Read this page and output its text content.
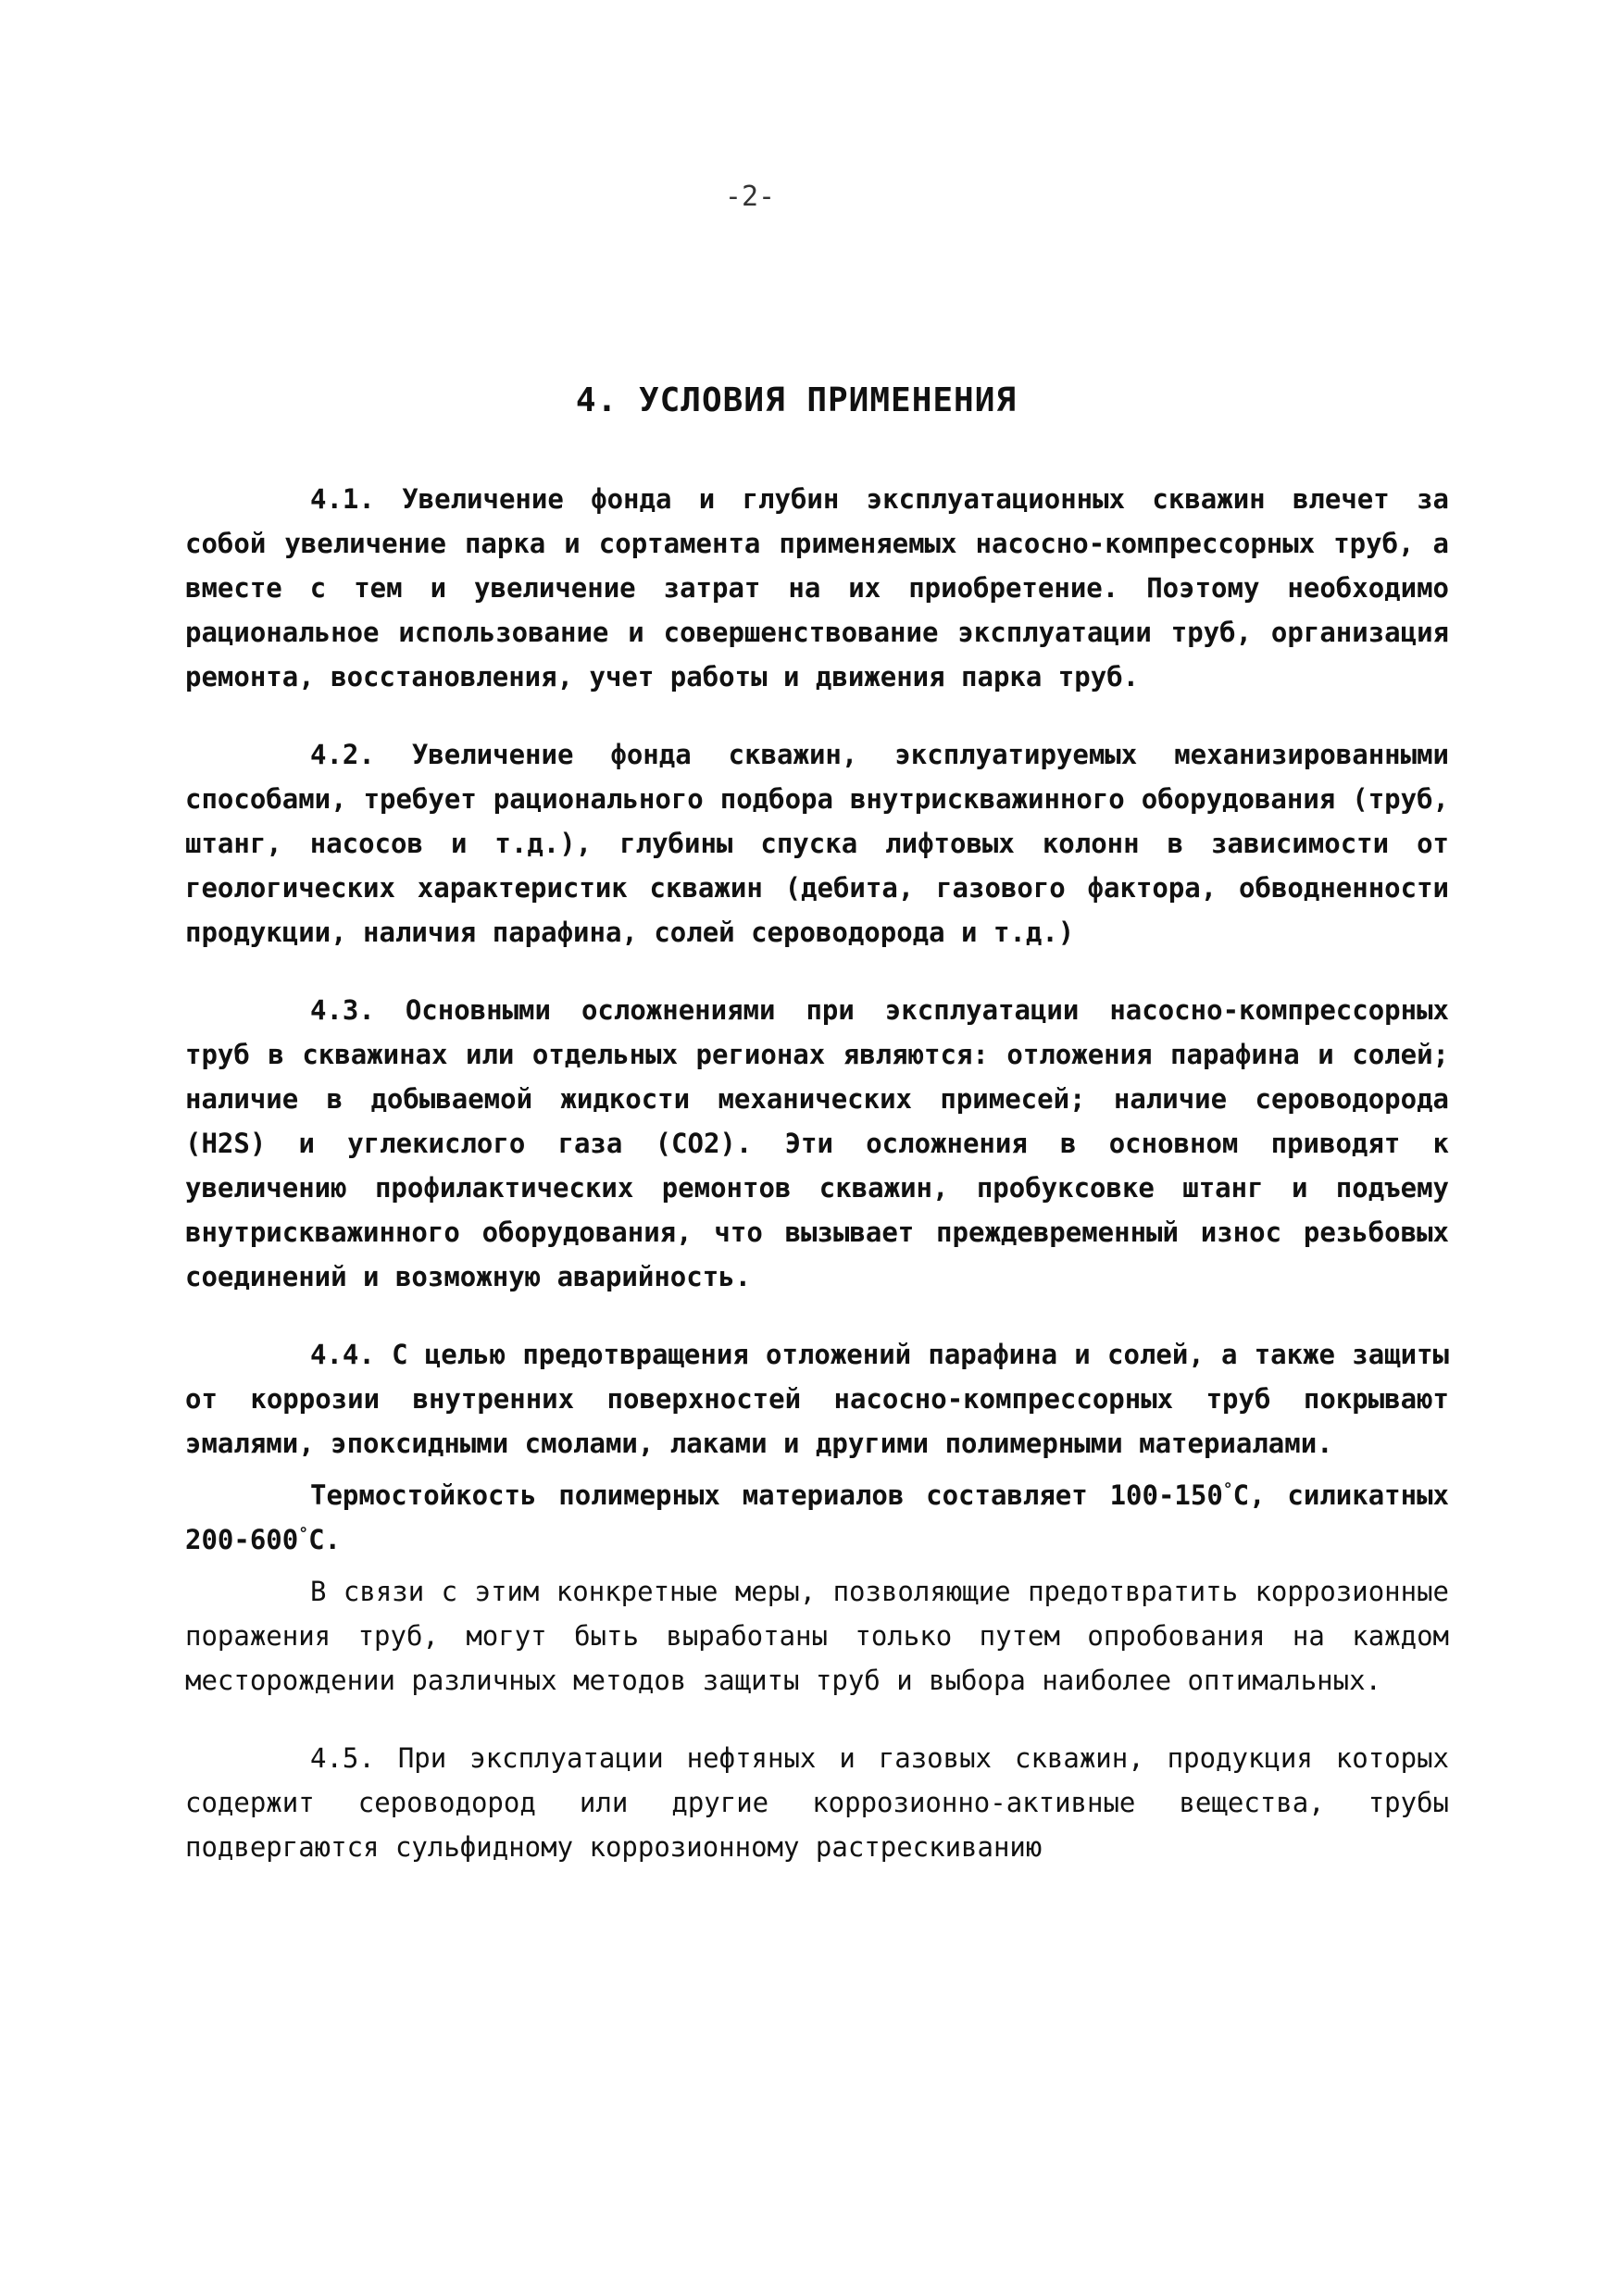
-2-
4. УСЛОВИЯ ПРИМЕНЕНИЯ

4.1. Увеличение фонда и глубин эксплуатационных скважин влечет за собой увеличение парка и сортамента применяемых насосно-компрессорных труб, а вместе с тем и увеличение затрат на их приобретение. Поэтому необходимо рациональное использование и совершенствование эксплуатации труб, организация ремонта, восстановления, учет работы и движения парка труб.

4.2. Увеличение фонда скважин, эксплуатируемых механизированными способами, требует рационального подбора внутрискважинного оборудования (труб, штанг, насосов и т.д.), глубины спуска лифтовых колонн в зависимости от геологических характеристик скважин (дебита, газового фактора, обводненности продукции, наличия парафина, солей сероводорода и т.д.)

4.3. Основными осложнениями при эксплуатации насосно-компрессорных труб в скважинах или отдельных регионах являются: отложения парафина и солей; наличие в добываемой жидкости механических примесей; наличие сероводорода (H2S) и углекислого газа (CO2). Эти осложнения в основном приводят к увеличению профилактических ремонтов скважин, пробуксовке штанг и подъему внутрискважинного оборудования, что вызывает преждевременный износ резьбовых соединений и возможную аварийность.

4.4. С целью предотвращения отложений парафина и солей, а также защиты от коррозии внутренних поверхностей насосно-компрессорных труб покрывают эмалями, эпоксидными смолами, лаками и другими полимерными материалами.

Термостойкость полимерных материалов составляет 100-150°С, силикатных 200-600°С.

В связи с этим конкретные меры, позволяющие предотвратить коррозионные поражения труб, могут быть выработаны только путем опробования на каждом месторождении различных методов защиты труб и выбора наиболее оптимальных.

4.5. При эксплуатации нефтяных и газовых скважин, продукция которых содержит сероводород или другие коррозионно-активные вещества, трубы подвергаются сульфидному коррозионному растрескиванию
